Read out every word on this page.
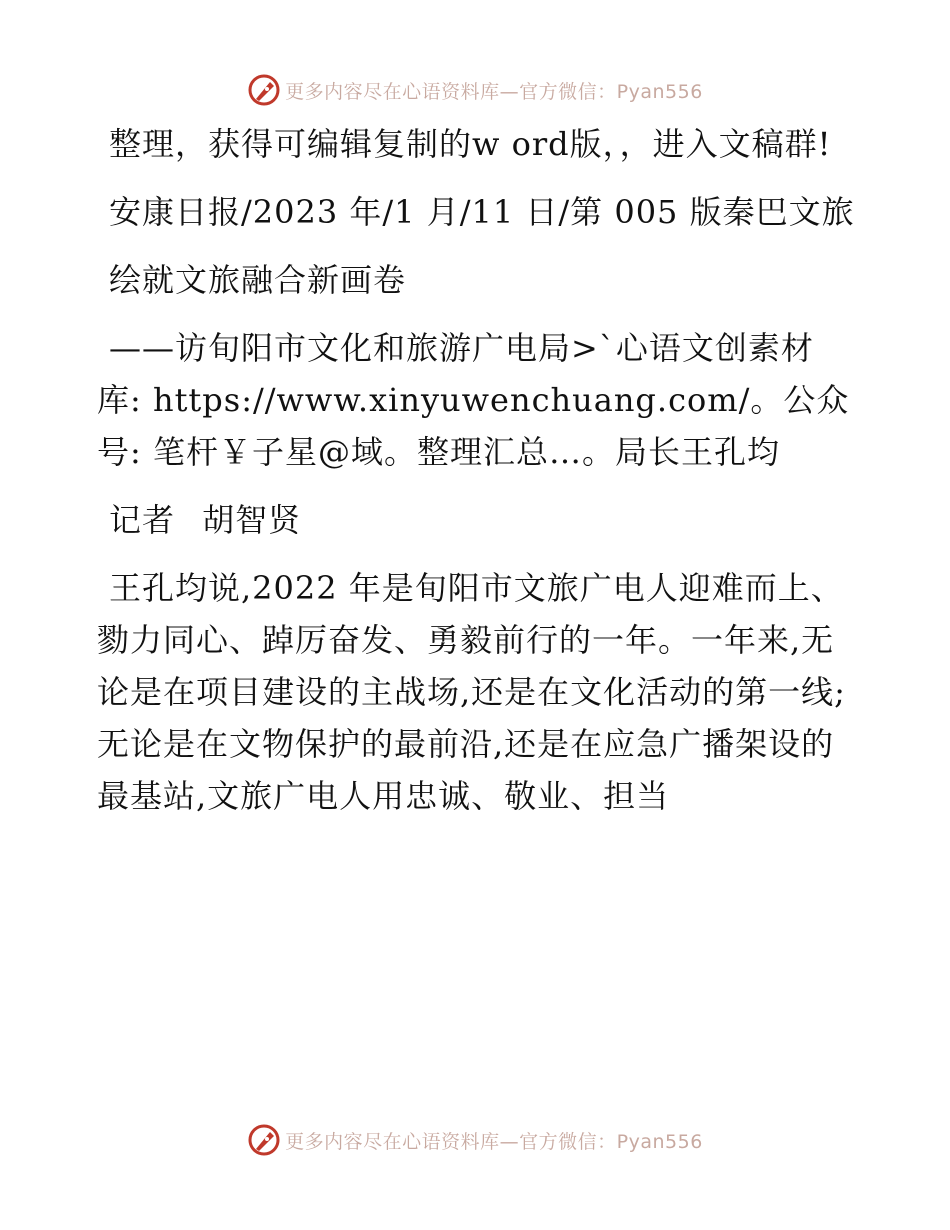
更多内容尽在心语资料库—官方微信：Pyan556

整理，获得可编辑复制的w ord版，，进入文稿群!

安康日报/2023 年/1 月/11 日/第 005 版秦巴文旅

绘就文旅融合新画卷

——访旬阳市文化和旅游广电局>`心语文创素材库: https://www.xinyuwenchuang.com/。公众号: 笔杆￥子星@域。整理汇总…。局长王孔均

记者 胡智贤

王孔均说,2022 年是旬阳市文旅广电人迎难而上、勠力同心、踔厉奋发、勇毅前行的一年。一年来,无论是在项目建设的主战场,还是在文化活动的第一线;无论是在文物保护的最前沿,还是在应急广播架设的最基站,文旅广电人用忠诚、敬业、担当

更多内容尽在心语资料库—官方微信：Pyan556
